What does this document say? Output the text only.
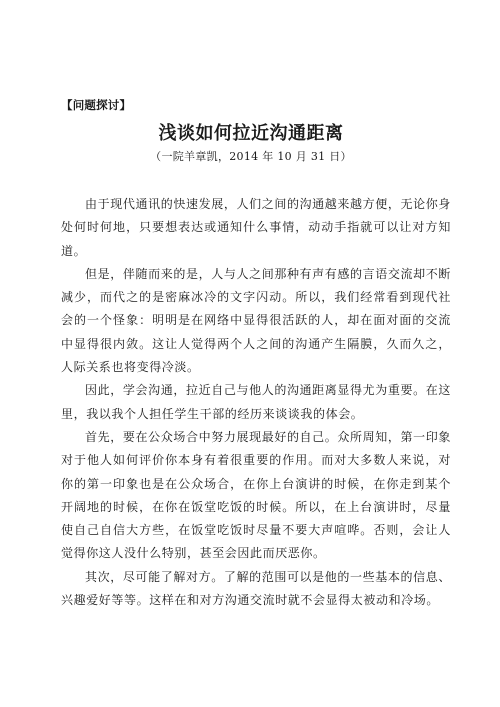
【问题探讨】
浅谈如何拉近沟通距离
（一院羊章凯，2014 年 10 月 31 日）

由于现代通讯的快速发展，人们之间的沟通越来越方便，无论你身处何时何地，只要想表达或通知什么事情，动动手指就可以让对方知道。

但是，伴随而来的是，人与人之间那种有声有感的言语交流却不断减少，而代之的是密麻冰冷的文字闪动。所以，我们经常看到现代社会的一个怪象：明明是在网络中显得很活跃的人，却在面对面的交流中显得很内敛。这让人觉得两个人之间的沟通产生隔膜，久而久之，人际关系也将变得冷淡。

因此，学会沟通，拉近自己与他人的沟通距离显得尤为重要。在这里，我以我个人担任学生干部的经历来谈谈我的体会。

首先，要在公众场合中努力展现最好的自己。众所周知，第一印象对于他人如何评价你本身有着很重要的作用。而对大多数人来说，对你的第一印象也是在公众场合，在你上台演讲的时候，在你走到某个开阔地的时候，在你在饭堂吃饭的时候。所以，在上台演讲时，尽量使自己自信大方些，在饭堂吃饭时尽量不要大声喧哗。否则，会让人觉得你这人没什么特别，甚至会因此而厌恶你。

其次，尽可能了解对方。了解的范围可以是他的一些基本的信息、兴趣爱好等等。这样在和对方沟通交流时就不会显得太被动和冷场。
